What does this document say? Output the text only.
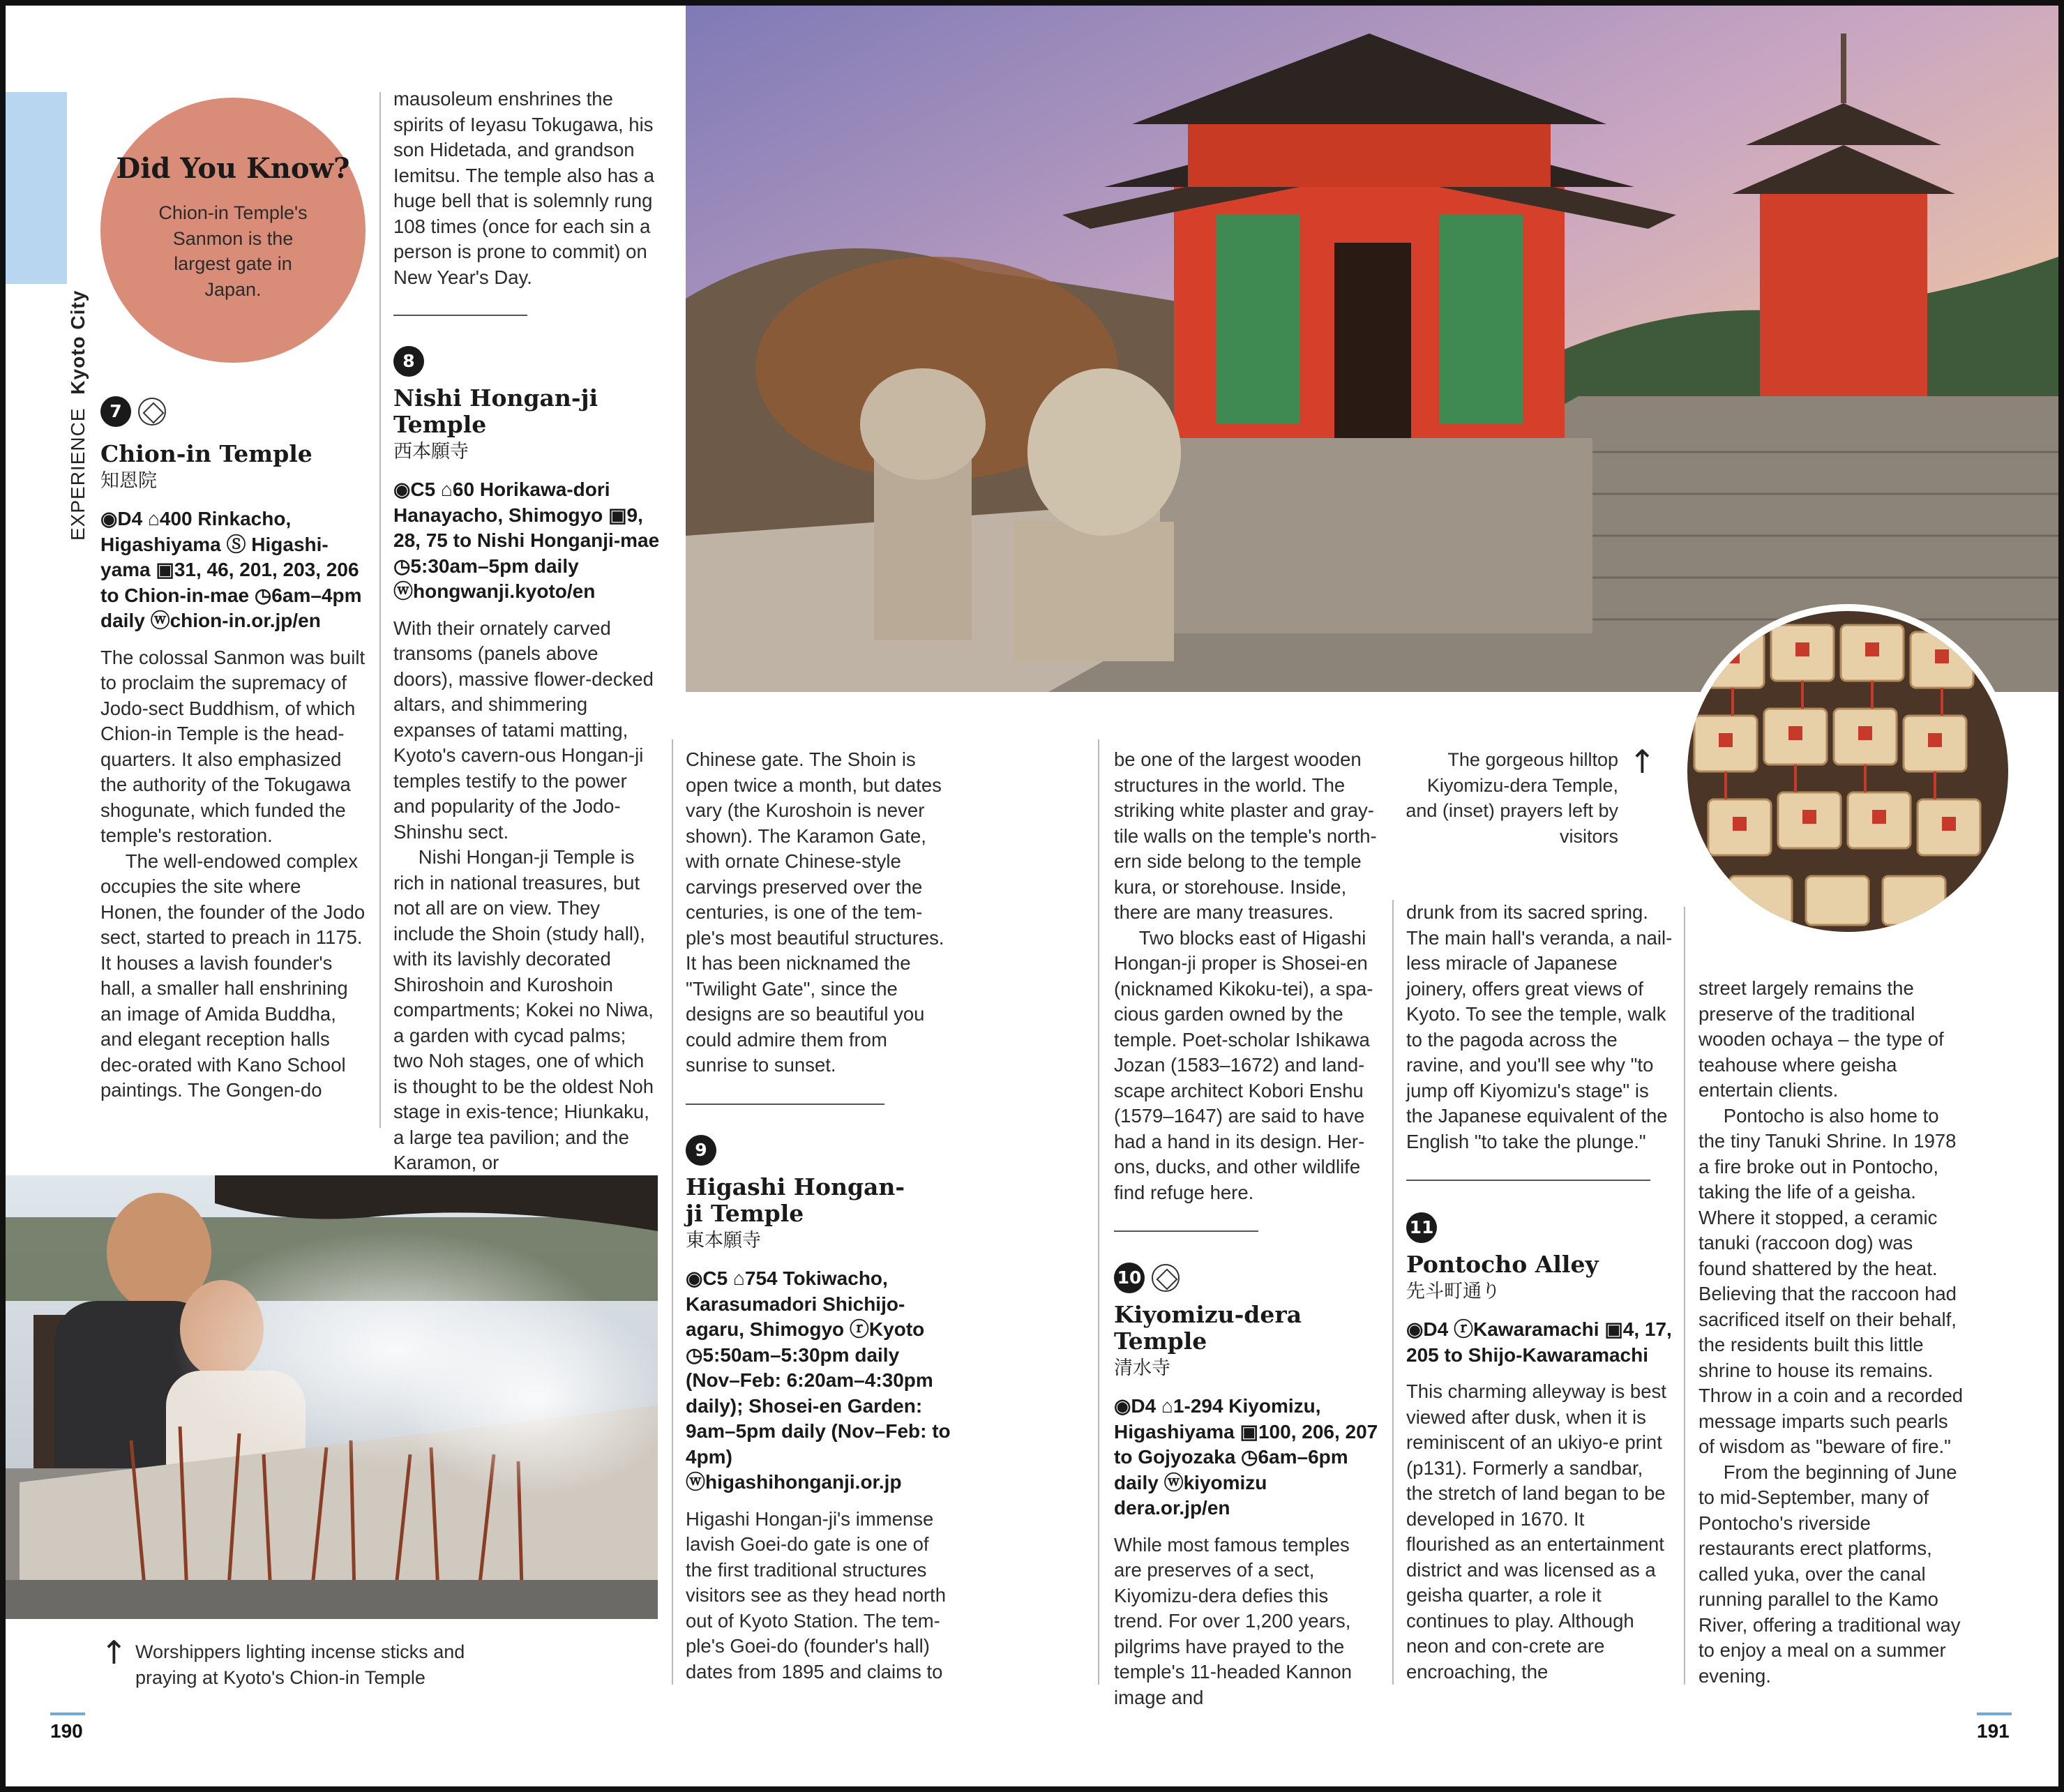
EXPERIENCE Kyoto City
Did You Know?
Chion-in Temple's Sanmon is the largest gate in Japan.
7
Chion-in Temple
知恩院
◉D4 ⌂400 Rinkacho, Higashiyama Ⓢ Higashi-yama ▣31, 46, 201, 203, 206 to Chion-in-mae ◷6am–4pm daily ⓦchion-in.or.jp/en

The colossal Sanmon was built to proclaim the supremacy of Jodo-sect Buddhism, of which Chion-in Temple is the head-quarters. It also emphasized the authority of the Tokugawa shogunate, which funded the temple's restoration.

The well-endowed complex occupies the site where Honen, the founder of the Jodo sect, started to preach in 1175. It houses a lavish founder's hall, a smaller hall enshrining an image of Amida Buddha, and elegant reception halls dec-orated with Kano School paintings. The Gongen-do

mausoleum enshrines the spirits of Ieyasu Tokugawa, his son Hidetada, and grandson Iemitsu. The temple also has a huge bell that is solemnly rung 108 times (once for each sin a person is prone to commit) on New Year's Day.
8
Nishi Hongan-ji Temple
西本願寺
◉C5 ⌂60 Horikawa-dori Hanayacho, Shimogyo ▣9, 28, 75 to Nishi Honganji-mae ◷5:30am–5pm daily ⓦhongwanji.kyoto/en

With their ornately carved transoms (panels above doors), massive flower-decked altars, and shimmering expanses of tatami matting, Kyoto's cavern-ous Hongan-ji temples testify to the power and popularity of the Jodo-Shinshu sect.

Nishi Hongan-ji Temple is rich in national treasures, but not all are on view. They include the Shoin (study hall), with its lavishly decorated Shiroshoin and Kuroshoin compartments; Kokei no Niwa, a garden with cycad palms; two Noh stages, one of which is thought to be the oldest Noh stage in exis-tence; Hiunkaku, a large tea pavilion; and the Karamon, or

↑ Worshippers lighting incense sticks and praying at Kyoto's Chion-in Temple
The gorgeous hilltop Kiyomizu-dera Temple, and (inset) prayers left by visitors
↑
Chinese gate. The Shoin is open twice a month, but dates vary (the Kuroshoin is never shown). The Karamon Gate, with ornate Chinese-style carvings preserved over the centuries, is one of the tem-ple's most beautiful structures. It has been nicknamed the "Twilight Gate", since the designs are so beautiful you could admire them from sunrise to sunset.
9
Higashi Hongan-ji Temple
東本願寺
◉C5 ⌂754 Tokiwacho, Karasumadori Shichijo-agaru, Shimogyo ⓡKyoto ◷5:50am–5:30pm daily (Nov–Feb: 6:20am–4:30pm daily); Shosei-en Garden: 9am–5pm daily (Nov–Feb: to 4pm) ⓦhigashihonganji.or.jp

Higashi Hongan-ji's immense lavish Goei-do gate is one of the first traditional structures visitors see as they head north out of Kyoto Station. The tem-ple's Goei-do (founder's hall) dates from 1895 and claims to

be one of the largest wooden structures in the world. The striking white plaster and gray-tile walls on the temple's north-ern side belong to the temple kura, or storehouse. Inside, there are many treasures.

Two blocks east of Higashi Hongan-ji proper is Shosei-en (nicknamed Kikoku-tei), a spa-cious garden owned by the temple. Poet-scholar Ishikawa Jozan (1583–1672) and land-scape architect Kobori Enshu (1579–1647) are said to have had a hand in its design. Her-ons, ducks, and other wildlife find refuge here.

10
Kiyomizu-dera Temple
清水寺
◉D4 ⌂1-294 Kiyomizu, Higashiyama ▣100, 206, 207 to Gojyozaka ◷6am–6pm daily ⓦkiyomizu dera.or.jp/en

While most famous temples are preserves of a sect, Kiyomizu-dera defies this trend. For over 1,200 years, pilgrims have prayed to the temple's 11-headed Kannon image and

drunk from its sacred spring. The main hall's veranda, a nail-less miracle of Japanese joinery, offers great views of Kyoto. To see the temple, walk to the pagoda across the ravine, and you'll see why "to jump off Kiyomizu's stage" is the Japanese equivalent of the English "to take the plunge."
11
Pontocho Alley
先斗町通り
◉D4 ⓡKawaramachi ▣4, 17, 205 to Shijo-Kawaramachi

This charming alleyway is best viewed after dusk, when it is reminiscent of an ukiyo-e print (p131). Formerly a sandbar, the stretch of land began to be developed in 1670. It flourished as an entertainment district and was licensed as a geisha quarter, a role it continues to play. Although neon and con-crete are encroaching, the

street largely remains the preserve of the traditional wooden ochaya – the type of teahouse where geisha entertain clients.

Pontocho is also home to the tiny Tanuki Shrine. In 1978 a fire broke out in Pontocho, taking the life of a geisha. Where it stopped, a ceramic tanuki (raccoon dog) was found shattered by the heat. Believing that the raccoon had sacrificed itself on their behalf, the residents built this little shrine to house its remains. Throw in a coin and a recorded message imparts such pearls of wisdom as "beware of fire."

From the beginning of June to mid-September, many of Pontocho's riverside restaurants erect platforms, called yuka, over the canal running parallel to the Kamo River, offering a traditional way to enjoy a meal on a summer evening.

190	191
